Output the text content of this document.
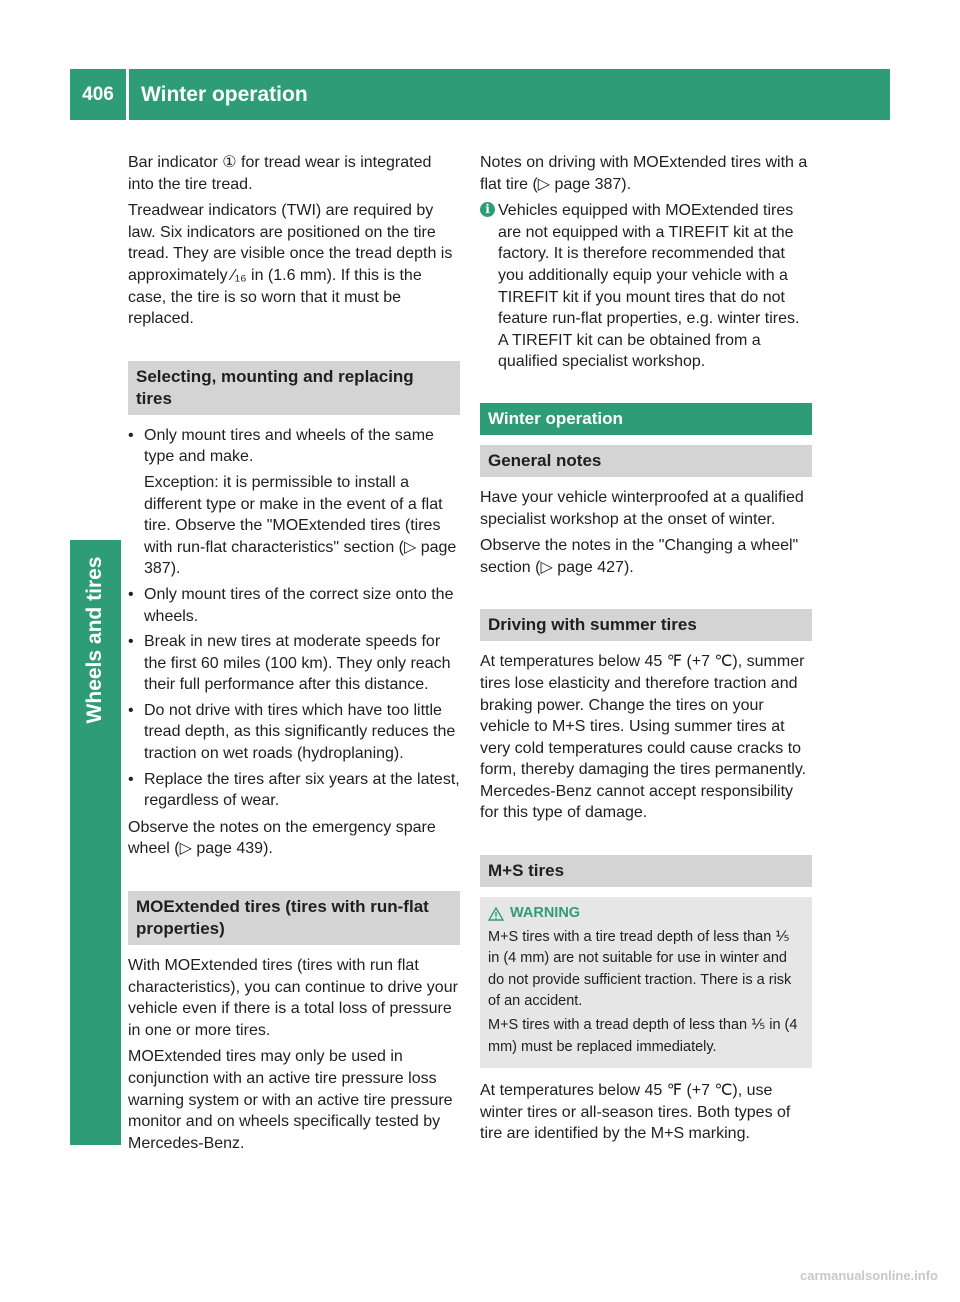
406	Winter operation
Wheels and tires

Bar indicator ① for tread wear is integrated into the tire tread.

Treadwear indicators (TWI) are required by law. Six indicators are positioned on the tire tread. They are visible once the tread depth is approximately ⁄₁₆ in (1.6 mm). If this is the case, the tire is so worn that it must be replaced.

Selecting, mounting and replacing tires
• Only mount tires and wheels of the same type and make.

Exception: it is permissible to install a different type or make in the event of a flat tire. Observe the "MOExtended tires (tires with run-flat characteristics" section (▷ page 387).

• Only mount tires of the correct size onto the wheels.

• Break in new tires at moderate speeds for the first 60 miles (100 km). They only reach their full performance after this distance.

• Do not drive with tires which have too little tread depth, as this significantly reduces the traction on wet roads (hydroplaning).

• Replace the tires after six years at the latest, regardless of wear.

Observe the notes on the emergency spare wheel (▷ page 439).

MOExtended tires (tires with run-flat properties)

With MOExtended tires (tires with run flat characteristics), you can continue to drive your vehicle even if there is a total loss of pressure in one or more tires.

MOExtended tires may only be used in conjunction with an active tire pressure loss warning system or with an active tire pressure monitor and on wheels specifically tested by Mercedes-Benz.

Notes on driving with MOExtended tires with a flat tire (▷ page 387).

i Vehicles equipped with MOExtended tires are not equipped with a TIREFIT kit at the factory. It is therefore recommended that you additionally equip your vehicle with a TIREFIT kit if you mount tires that do not feature run-flat properties, e.g. winter tires. A TIREFIT kit can be obtained from a qualified specialist workshop.
Winter operation
General notes

Have your vehicle winterproofed at a qualified specialist workshop at the onset of winter.

Observe the notes in the "Changing a wheel" section (▷ page 427).

Driving with summer tires

At temperatures below 45 ℉ (+7 ℃), summer tires lose elasticity and therefore traction and braking power. Change the tires on your vehicle to M+S tires. Using summer tires at very cold temperatures could cause cracks to form, thereby damaging the tires permanently. Mercedes-Benz cannot accept responsibility for this type of damage.

M+S tires
WARNING

M+S tires with a tire tread depth of less than ⅕ in (4 mm) are not suitable for use in winter and do not provide sufficient traction. There is a risk of an accident.

M+S tires with a tread depth of less than ⅕ in (4 mm) must be replaced immediately.

At temperatures below 45 ℉ (+7 ℃), use winter tires or all-season tires. Both types of tire are identified by the M+S marking.

carmanualsonline.info
